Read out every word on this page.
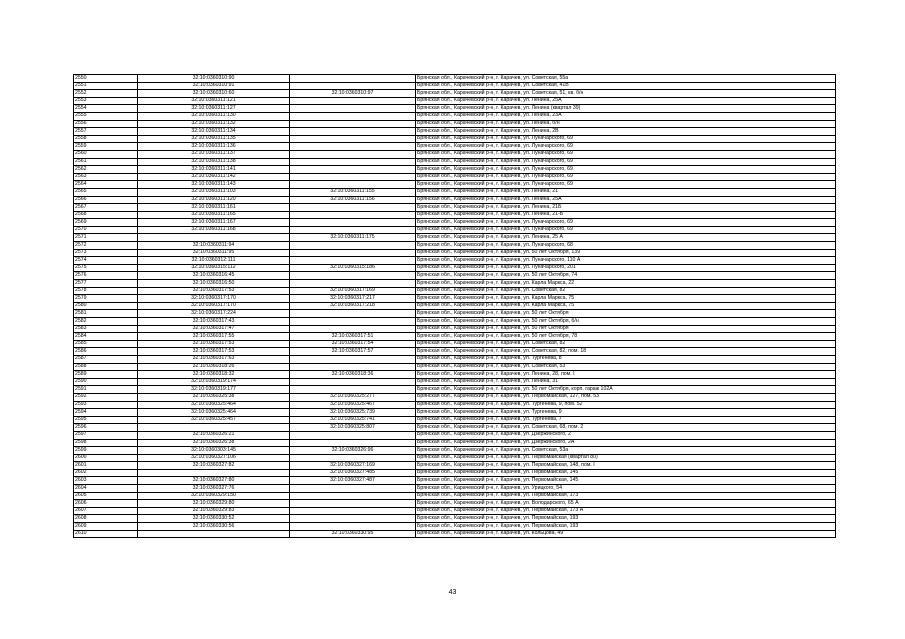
2550	32:10:0360310:90		Брянская обл., Карачевский р-н, г. Карачев, ул. Советская, 55а
2551	32:10:0360310:91		Брянская обл., Карачевский р-н, г. Карачев, ул. Советская, 41В
2552	32:10:0360310:60	32:10:0360310:97	Брянская обл., Карачевский р-н, г. Карачев, ул. Советская, 51, кв. б/н
2553	32:10:0360311:121		Брянская обл., Карачевский р-н, г. Карачев, ул. Ленина, 25А
2554	32:10:0360311:127		Брянская обл., Карачевский р-н, г. Карачев, ул. Ленина (квартал 39)
2555	32:10:0360311:130		Брянская обл., Карачевский р-н, г. Карачев, ул. Ленина, 23А
2556	32:10:0360311:132		Брянская обл., Карачевский р-н, г. Карачев, ул. Ленина, б/н
2557	32:10:0360311:134		Брянская обл., Карачевский р-н, г. Карачев, ул. Ленина, 2В
2558	32:10:0360311:135		Брянская обл., Карачевский р-н, г. Карачев, ул. Луначарского, 69
2559	32:10:0360311:136		Брянская обл., Карачевский р-н, г. Карачев, ул. Луначарского, 69
2560	32:10:0360311:137		Брянская обл., Карачевский р-н, г. Карачев, ул. Луначарского, 69
2561	32:10:0360311:138		Брянская обл., Карачевский р-н, г. Карачев, ул. Луначарского, 69
2562	32:10:0360311:141		Брянская обл., Карачевский р-н, г. Карачев, ул. Луначарского, 69
2563	32:10:0360311:142		Брянская обл., Карачевский р-н, г. Карачев, ул. Луначарского, 69
2564	32:10:0360311:143		Брянская обл., Карачевский р-н, г. Карачев, ул. Луначарского, 69
2565	32:10:0360311:103	32:10:0360311:155	Брянская обл., Карачевский р-н, г. Карачев, ул. Ленина, 21
2566	32:10:0360311:120	32:10:0360311:156	Брянская обл., Карачевский р-н, г. Карачев, ул. Ленина, 25А
2567	32:10:0360311:161		Брянская обл., Карачевский р-н, г. Карачев, ул. Ленина, 21Б
2568	32:10:0360311:165		Брянская обл., Карачевский р-н, г. Карачев, ул. Ленина, 21-Б
2569	32:10:0360311:167		Брянская обл., Карачевский р-н, г. Карачев, ул. Луначарского, 69
2570	32:10:0360311:168		Брянская обл., Карачевский р-н, г. Карачев, ул. Луначарского, 69
2571		32:10:0360311:175	Брянская обл., Карачевский р-н, г. Карачев, ул. Ленина, 25 А
2572	32:10:0360311:94		Брянская обл., Карачевский р-н, г. Карачев, ул. Луначарского, 68
2573	32:10:0360311:95		Брянская обл., Карачевский р-н, г. Карачев, ул. 50 лет Октября, 139
2574	32:10:0360312:111		Брянская обл., Карачевский р-н, г. Карачев, ул. Луначарского, 110 А
2575	32:10:0360315:112	32:10:0360315:186	Брянская обл., Карачевский р-н, г. Карачев, ул. Луначарского, 201
2576	32:10:0360316:45		Брянская обл., Карачевский р-н, г. Карачев, ул. 50 лет Октября, 74
2577	32:10:0360316:50		Брянская обл., Карачевский р-н, г. Карачев, ул. Карла Маркса, 22
2578	32:10:0360317:53	32:10:0360317:169	Брянская обл., Карачевский р-н, г. Карачев, ул. Советская, 82
2579	32:10:0360317:170	32:10:0360317:217	Брянская обл., Карачевский р-н, г. Карачев, ул. Карла Маркса, 75
2580	32:10:0360317:170	32:10:0360317:218	Брянская обл., Карачевский р-н, г. Карачев, ул. Карла Маркса, 75
2581	32:10:0360317:224		Брянская обл., Карачевский р-н, г. Карачев, ул. 50 лет Октября
2582	32:10:0360317:43		Брянская обл., Карачевский р-н, г. Карачев, ул. 50 лет Октября, б/н
2583	32:10:0360317:47		Брянская обл., Карачевский р-н, г. Карачев, ул. 50 лет Октября
2584	32:10:0360317:55	32:10:0360317:51	Брянская обл., Карачевский р-н, г. Карачев, ул. 50 лет Октября, 78
2585	32:10:0360317:53	32:10:0360317:54	Брянская обл., Карачевский р-н, г. Карачев, ул. Советская, 82
2586	32:10:0360317:53	32:10:0360317:57	Брянская обл., Карачевский р-н, г. Карачев, ул. Советская, 82, пом. 18
2587	32:10:0360317:63		Брянская обл., Карачевский р-н, г. Карачев, ул. Тургенева, 8
2588	32:10:0360318:26		Брянская обл., Карачевский р-н, г. Карачев, ул. Советская, 53
2589	32:10:0360318:32	32:10:0360318:36	Брянская обл., Карачевский р-н, г. Карачев, ул. Ленина, 28, пом. I
2590	32:10:0360319:174		Брянская обл., Карачевский р-н, г. Карачев, ул. Ленина, 31
2591	32:10:0360319:177		Брянская обл., Карачевский р-н, г. Карачев, ул. 50 лет Октября, корп. гараж 102А
2592	32:10:0360325:38	32:10:0360325:277	Брянская обл., Карачевский р-н, г. Карачев, ул. Первомайская, 127, пом. 53
2593	32:10:0360325:464	32:10:0360325:467	Брянская обл., Карачевский р-н, г. Карачев, ул. Тургенева, 9, пом. 52
2594	32:10:0360325:464	32:10:0360325:739	Брянская обл., Карачевский р-н, г. Карачев, ул. Тургенева, 9
2595	32:10:0360325:457	32:10:0360325:741	Брянская обл., Карачевский р-н, г. Карачев, ул. Тургенева, 7
2596		32:10:0360325:807	Брянская обл., Карачевский р-н, г. Карачев, ул. Советская, 68, пом. 2
2597	32:10:0360326:21		Брянская обл., Карачевский р-н, г. Карачев, ул. Дзержинского, 2
2598	32:10:0360326:38		Брянская обл., Карачевский р-н, г. Карачев, ул. Дзержинского, 2А
2599	32:10:0360303:145	32:10:0360326:96	Брянская обл., Карачевский р-н, г. Карачев, ул. Советская, 53а
2600	32:10:0360327:106		Брянская обл., Карачевский р-н, г. Карачев, ул. Первомайская (квартал 80)
2601	32:10:0360327:82	32:10:0360327:169	Брянская обл., Карачевский р-н, г. Карачев, ул. Первомайская, 148, пом. I
2602		32:10:0360327:485	Брянская обл., Карачевский р-н, г. Карачев, ул. Первомайская, 145
2603	32:10:0360327:80	32:10:0360327:487	Брянская обл., Карачевский р-н, г. Карачев, ул. Первомайская, 145
2604	32:10:0360327:76		Брянская обл., Карачевский р-н, г. Карачев, ул. Урицкого, 54
2605	32:10:0360329:150		Брянская обл., Карачевский р-н, г. Карачев, ул. Первомайская, 173
2606	32:10:0360329:80		Брянская обл., Карачевский р-н, г. Карачев, ул. Володарского, 65 А
2607	32:10:0360329:83		Брянская обл., Карачевский р-н, г. Карачев, ул. Первомайская, 173 А
2608	32:10:0360330:52		Брянская обл., Карачевский р-н, г. Карачев, ул. Первомайская, 193
2609	32:10:0360330:56		Брянская обл., Карачевский р-н, г. Карачев, ул. Первомайская, 193
2610		32:10:0360330:95	Брянская обл., Карачевский р-н, г. Карачев, ул. Кольцова, 49
43
